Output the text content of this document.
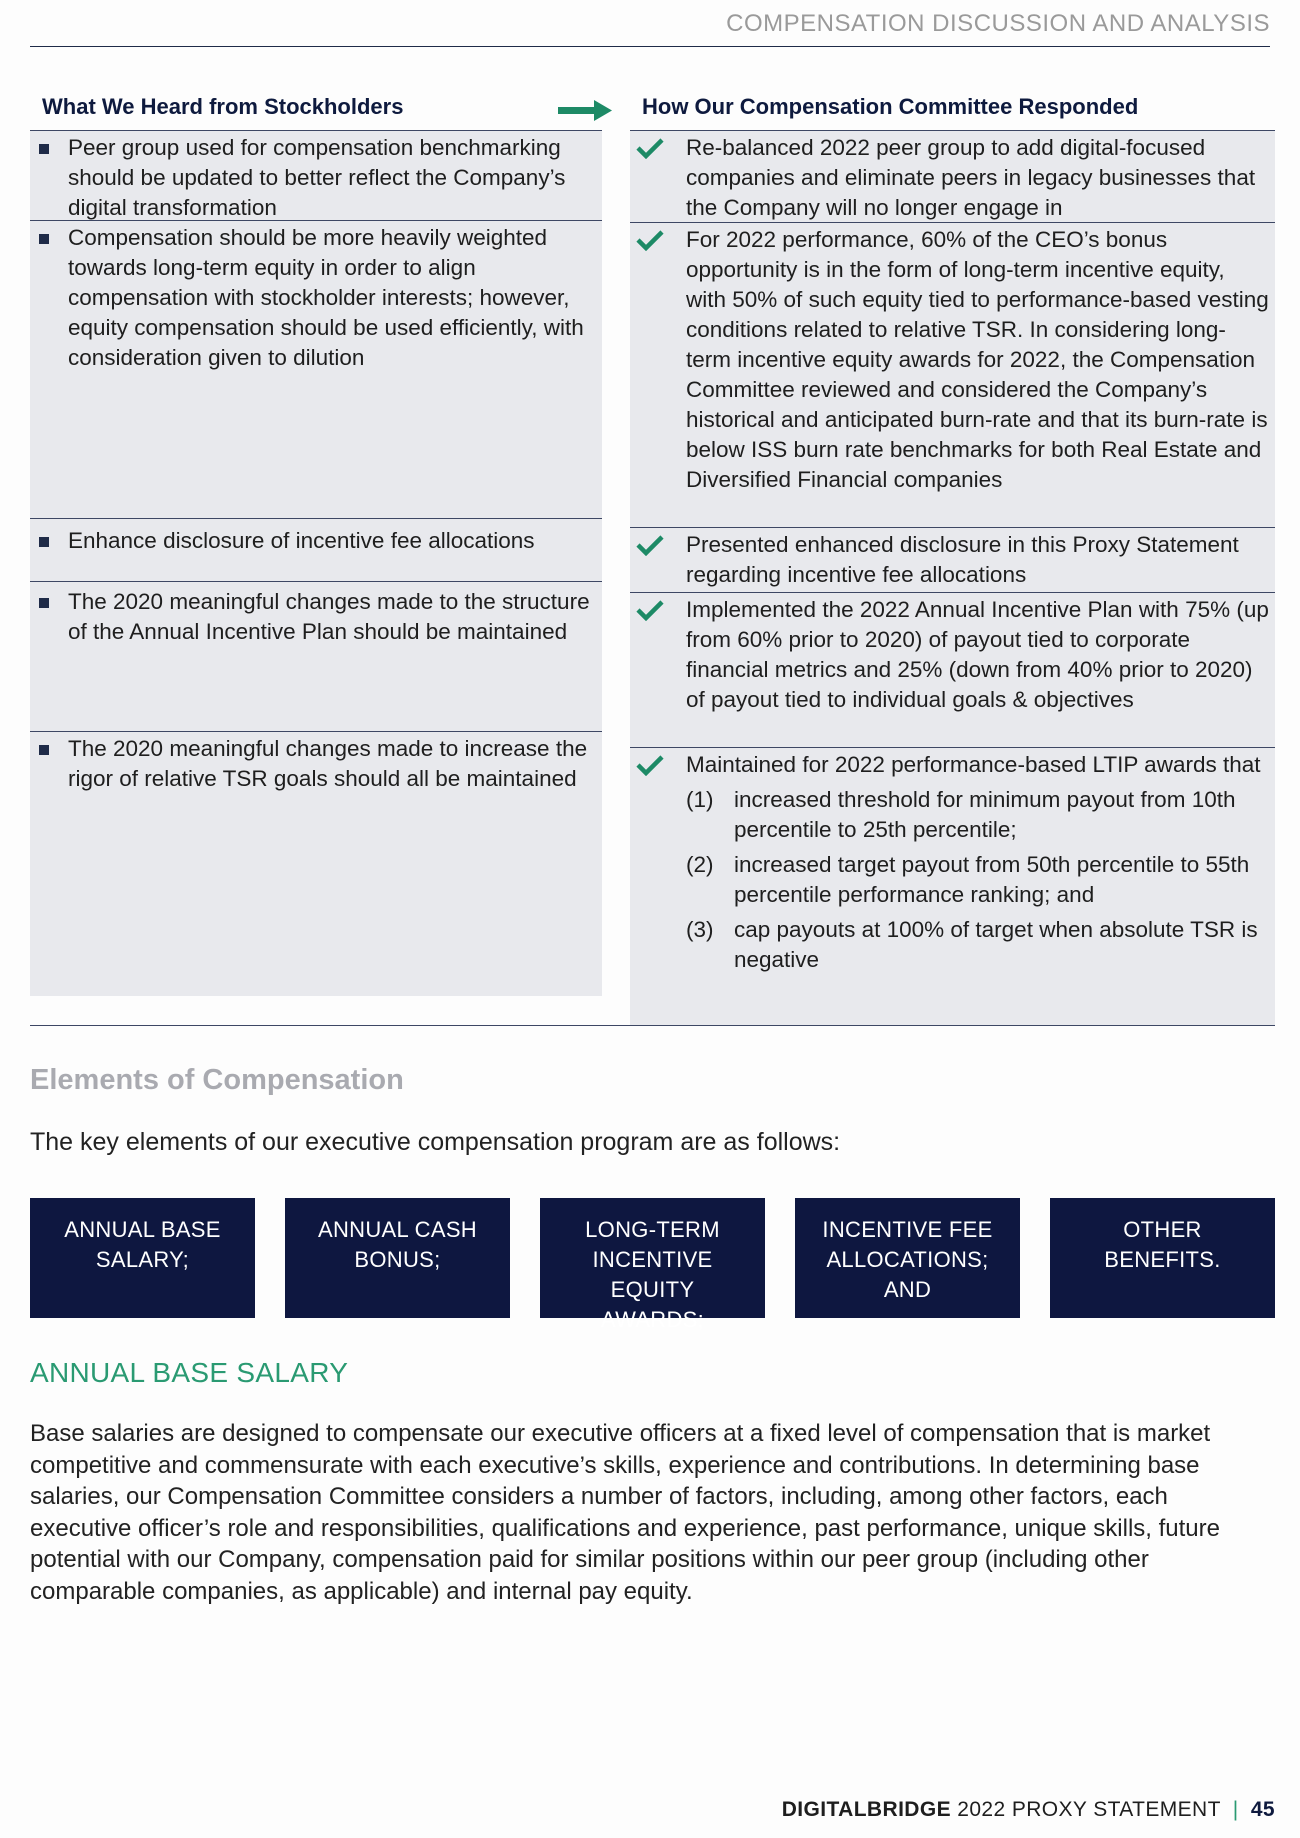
COMPENSATION DISCUSSION AND ANALYSIS
What We Heard from Stockholders	How Our Compensation Committee Responded
Peer group used for compensation benchmarking should be updated to better reflect the Company’s digital transformation
Compensation should be more heavily weighted towards long-term equity in order to align compensation with stockholder interests; however, equity compensation should be used efficiently, with consideration given to dilution
Enhance disclosure of incentive fee allocations
The 2020 meaningful changes made to the structure of the Annual Incentive Plan should be maintained
The 2020 meaningful changes made to increase the rigor of relative TSR goals should all be maintained
Re-balanced 2022 peer group to add digital-focused companies and eliminate peers in legacy businesses that the Company will no longer engage in
For 2022 performance, 60% of the CEO’s bonus opportunity is in the form of long-term incentive equity, with 50% of such equity tied to performance-based vesting conditions related to relative TSR. In considering long-term incentive equity awards for 2022, the Compensation Committee reviewed and considered the Company’s historical and anticipated burn-rate and that its burn-rate is below ISS burn rate benchmarks for both Real Estate and Diversified Financial companies
Presented enhanced disclosure in this Proxy Statement regarding incentive fee allocations
Implemented the 2022 Annual Incentive Plan with 75% (up from 60% prior to 2020) of payout tied to corporate financial metrics and 25% (down from 40% prior to 2020) of payout tied to individual goals & objectives
Maintained for 2022 performance-based LTIP awards that
(1) increased threshold for minimum payout from 10th percentile to 25th percentile;
(2) increased target payout from 50th percentile to 55th percentile performance ranking; and
(3) cap payouts at 100% of target when absolute TSR is negative
Elements of Compensation
The key elements of our executive compensation program are as follows:
ANNUAL BASE SALARY;
ANNUAL CASH BONUS;
LONG-TERM INCENTIVE EQUITY AWARDS;
INCENTIVE FEE ALLOCATIONS; AND
OTHER BENEFITS.
ANNUAL BASE SALARY
Base salaries are designed to compensate our executive officers at a fixed level of compensation that is market competitive and commensurate with each executive’s skills, experience and contributions. In determining base salaries, our Compensation Committee considers a number of factors, including, among other factors, each executive officer’s role and responsibilities, qualifications and experience, past performance, unique skills, future potential with our Company, compensation paid for similar positions within our peer group (including other comparable companies, as applicable) and internal pay equity.
DIGITALBRIDGE 2022 PROXY STATEMENT | 45
